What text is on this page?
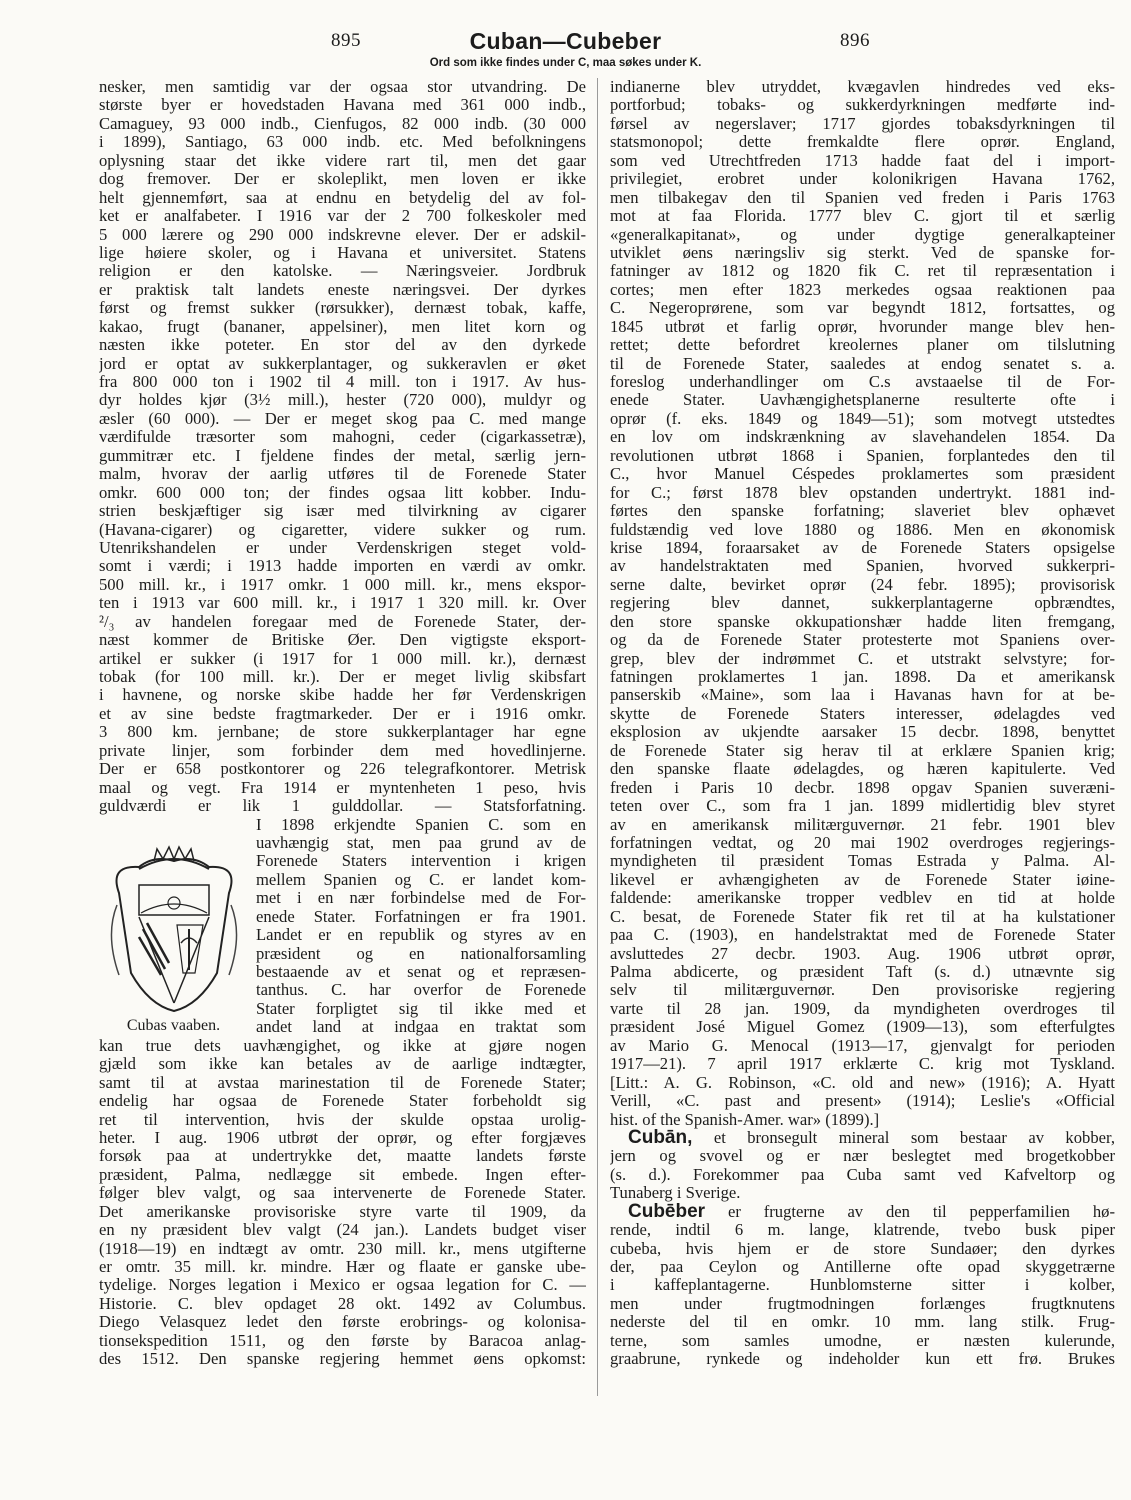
895	Cuban—Cubeber	896
Ord som ikke findes under C, maa søkes under K.
nesker, men samtidig var der ogsaa stor utvandring. De
største byer er hovedstaden Havana med 361 000 indb.,
Camaguey, 93 000 indb., Cienfugos, 82 000 indb. (30 000
i 1899), Santiago, 63 000 indb. etc. Med befolkningens
oplysning staar det ikke videre rart til, men det gaar
dog fremover. Der er skoleplikt, men loven er ikke
helt gjennemført, saa at endnu en betydelig del av fol-
ket er analfabeter. I 1916 var der 2 700 folkeskoler med
5 000 lærere og 290 000 indskrevne elever. Der er adskil-
lige høiere skoler, og i Havana et universitet. Statens
religion er den katolske. — Næringsveier. Jordbruk
er praktisk talt landets eneste næringsvei. Der dyrkes
først og fremst sukker (rørsukker), dernæst tobak, kaffe,
kakao, frugt (bananer, appelsiner), men litet korn og
næsten ikke poteter. En stor del av den dyrkede
jord er optat av sukkerplantager, og sukkeravlen er øket
fra 800 000 ton i 1902 til 4 mill. ton i 1917. Av hus-
dyr holdes kjør (3½ mill.), hester (720 000), muldyr og
æsler (60 000). — Der er meget skog paa C. med mange
værdifulde træsorter som mahogni, ceder (cigarkassetræ),
gummitrær etc. I fjeldene findes der metal, særlig jern-
malm, hvorav der aarlig utføres til de Forenede Stater
omkr. 600 000 ton; der findes ogsaa litt kobber. Indu-
strien beskjæftiger sig især med tilvirkning av cigarer
(Havana-cigarer) og cigaretter, videre sukker og rum.
Utenrikshandelen er under Verdenskrigen steget vold-
somt i værdi; i 1913 hadde importen en værdi av omkr.
500 mill. kr., i 1917 omkr. 1 000 mill. kr., mens ekspor-
ten i 1913 var 600 mill. kr., i 1917 1 320 mill. kr. Over
²/₃ av handelen foregaar med de Forenede Stater, der-
næst kommer de Britiske Øer. Den vigtigste eksport-
artikel er sukker (i 1917 for 1 000 mill. kr.), dernæst
tobak (for 100 mill. kr.). Der er meget livlig skibsfart
i havnene, og norske skibe hadde her før Verdenskrigen
et av sine bedste fragtmarkeder. Der er i 1916 omkr.
3 800 km. jernbane; de store sukkerplantager har egne
private linjer, som forbinder dem med hovedlinjerne.
Der er 658 postkontorer og 226 telegrafkontorer. Metrisk
maal og vegt. Fra 1914 er myntenheten 1 peso, hvis
guldværdi er lik 1 gulddollar. — Statsforfatning.
I 1898 erkjendte Spanien C. som en
uavhængig stat, men paa grund av de
Forenede Staters intervention i krigen
mellem Spanien og C. er landet kom-
met i en nær forbindelse med de For-
enede Stater. Forfatningen er fra 1901.
Landet er en republik og styres av en
præsident og en nationalforsamling
bestaaende av et senat og et repræsen-
tanthus. C. har overfor de Forenede
Stater forpligtet sig til ikke med et
andet land at indgaa en traktat som
kan true dets uavhængighet, og ikke at gjøre nogen
gjæld som ikke kan betales av de aarlige indtægter,
samt til at avstaa marinestation til de Forenede Stater;
endelig har ogsaa de Forenede Stater forbeholdt sig
ret til intervention, hvis der skulde opstaa urolig-
heter. I aug. 1906 utbrøt der oprør, og efter forgjæves
forsøk paa at undertrykke det, maatte landets første
præsident, Palma, nedlægge sit embede. Ingen efter-
følger blev valgt, og saa intervenerte de Forenede Stater.
Det amerikanske provisoriske styre varte til 1909, da
en ny præsident blev valgt (24 jan.). Landets budget viser
(1918—19) en indtægt av omtr. 230 mill. kr., mens utgifterne
er omtr. 35 mill. kr. mindre. Hær og flaate er ganske ube-
tydelige. Norges legation i Mexico er ogsaa legation for C. —
Historie. C. blev opdaget 28 okt. 1492 av Columbus.
Diego Velasquez ledet den første erobrings- og kolonisa-
tionsekspedition 1511, og den første by Baracoa anlag-
des 1512. Den spanske regjering hemmet øens opkomst:
Cubas vaaben.
indianerne blev utryddet, kvægavlen hindredes ved eks-
portforbud; tobaks- og sukkerdyrkningen medførte ind-
førsel av negerslaver; 1717 gjordes tobaksdyrkningen til
statsmonopol; dette fremkaldte flere oprør. England,
som ved Utrechtfreden 1713 hadde faat del i import-
privilegiet, erobret under kolonikrigen Havana 1762,
men tilbakegav den til Spanien ved freden i Paris 1763
mot at faa Florida. 1777 blev C. gjort til et særlig
«generalkapitanat», og under dygtige generalkapteiner
utviklet øens næringsliv sig sterkt. Ved de spanske for-
fatninger av 1812 og 1820 fik C. ret til repræsentation i
cortes; men efter 1823 merkedes ogsaa reaktionen paa
C. Negeroprørene, som var begyndt 1812, fortsattes, og
1845 utbrøt et farlig oprør, hvorunder mange blev hen-
rettet; dette befordret kreolernes planer om tilslutning
til de Forenede Stater, saaledes at endog senatet s. a.
foreslog underhandlinger om C.s avstaaelse til de For-
enede Stater. Uavhængighetsplanerne resulterte ofte i
oprør (f. eks. 1849 og 1849—51); som motvegt utstedtes
en lov om indskrænkning av slavehandelen 1854. Da
revolutionen utbrøt 1868 i Spanien, forplantedes den til
C., hvor Manuel Céspedes proklamertes som præsident
for C.; først 1878 blev opstanden undertrykt. 1881 ind-
førtes den spanske forfatning; slaveriet blev ophævet
fuldstændig ved love 1880 og 1886. Men en økonomisk
krise 1894, foraarsaket av de Forenede Staters opsigelse
av handelstraktaten med Spanien, hvorved sukkerpri-
serne dalte, bevirket oprør (24 febr. 1895); provisorisk
regjering blev dannet, sukkerplantagerne opbrændtes,
den store spanske okkupationshær hadde liten fremgang,
og da de Forenede Stater protesterte mot Spaniens over-
grep, blev der indrømmet C. et utstrakt selvstyre; for-
fatningen proklamertes 1 jan. 1898. Da et amerikansk
panserskib «Maine», som laa i Havanas havn for at be-
skytte de Forenede Staters interesser, ødelagdes ved
eksplosion av ukjendte aarsaker 15 decbr. 1898, benyttet
de Forenede Stater sig herav til at erklære Spanien krig;
den spanske flaate ødelagdes, og hæren kapitulerte. Ved
freden i Paris 10 decbr. 1898 opgav Spanien suveræni-
teten over C., som fra 1 jan. 1899 midlertidig blev styret
av en amerikansk militærguvernør. 21 febr. 1901 blev
forfatningen vedtat, og 20 mai 1902 overdroges regjerings-
myndigheten til præsident Tomas Estrada y Palma. Al-
likevel er avhængigheten av de Forenede Stater iøine-
faldende: amerikanske tropper vedblev en tid at holde
C. besat, de Forenede Stater fik ret til at ha kulstationer
paa C. (1903), en handelstraktat med de Forenede Stater
avsluttedes 27 decbr. 1903. Aug. 1906 utbrøt oprør,
Palma abdicerte, og præsident Taft (s. d.) utnævnte sig
selv til militærguvernør. Den provisoriske regjering
varte til 28 jan. 1909, da myndigheten overdroges til
præsident José Miguel Gomez (1909—13), som efterfulgtes
av Mario G. Menocal (1913—17, gjenvalgt for perioden
1917—21). 7 april 1917 erklærte C. krig mot Tyskland.
[Litt.: A. G. Robinson, «C. old and new» (1916); A. Hyatt
Verill, «C. past and present» (1914); Leslie's «Official
hist. of the Spanish-Amer. war» (1899).]
Cubān, et bronsegult mineral som bestaar av kobber,
jern og svovel og er nær beslegtet med brogetkobber
(s. d.). Forekommer paa Cuba samt ved Kafveltorp og
Tunaberg i Sverige.
Cubēber er frugterne av den til pepperfamilien hø-
rende, indtil 6 m. lange, klatrende, tvebo busk piper
cubeba, hvis hjem er de store Sundaøer; den dyrkes
der, paa Ceylon og Antillerne ofte opad skyggetrærne
i kaffeplantagerne. Hunblomsterne sitter i kolber,
men under frugtmodningen forlænges frugtknutens
nederste del til en omkr. 10 mm. lang stilk. Frug-
terne, som samles umodne, er næsten kulerunde,
graabrune, rynkede og indeholder kun ett frø. Brukes
